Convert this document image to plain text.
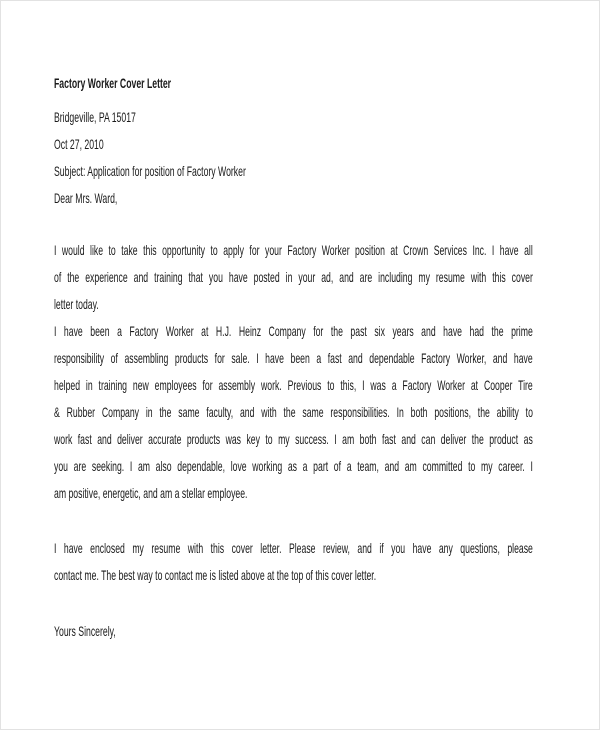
Factory Worker Cover Letter
Bridgeville, PA 15017
Oct 27, 2010
Subject: Application for position of Factory Worker
Dear Mrs. Ward,
I would like to take this opportunity to apply for your Factory Worker position at Crown Services Inc. I have all
of the experience and training that you have posted in your ad, and are including my resume with this cover
letter today.
I have been a Factory Worker at H.J. Heinz Company for the past six years and have had the prime
responsibility of assembling products for sale. I have been a fast and dependable Factory Worker, and have
helped in training new employees for assembly work. Previous to this, I was a Factory Worker at Cooper Tire
& Rubber Company in the same faculty, and with the same responsibilities. In both positions, the ability to
work fast and deliver accurate products was key to my success. I am both fast and can deliver the product as
you are seeking. I am also dependable, love working as a part of a team, and am committed to my career. I
am positive, energetic, and am a stellar employee.
I have enclosed my resume with this cover letter. Please review, and if you have any questions, please
contact me. The best way to contact me is listed above at the top of this cover letter.
Yours Sincerely,
